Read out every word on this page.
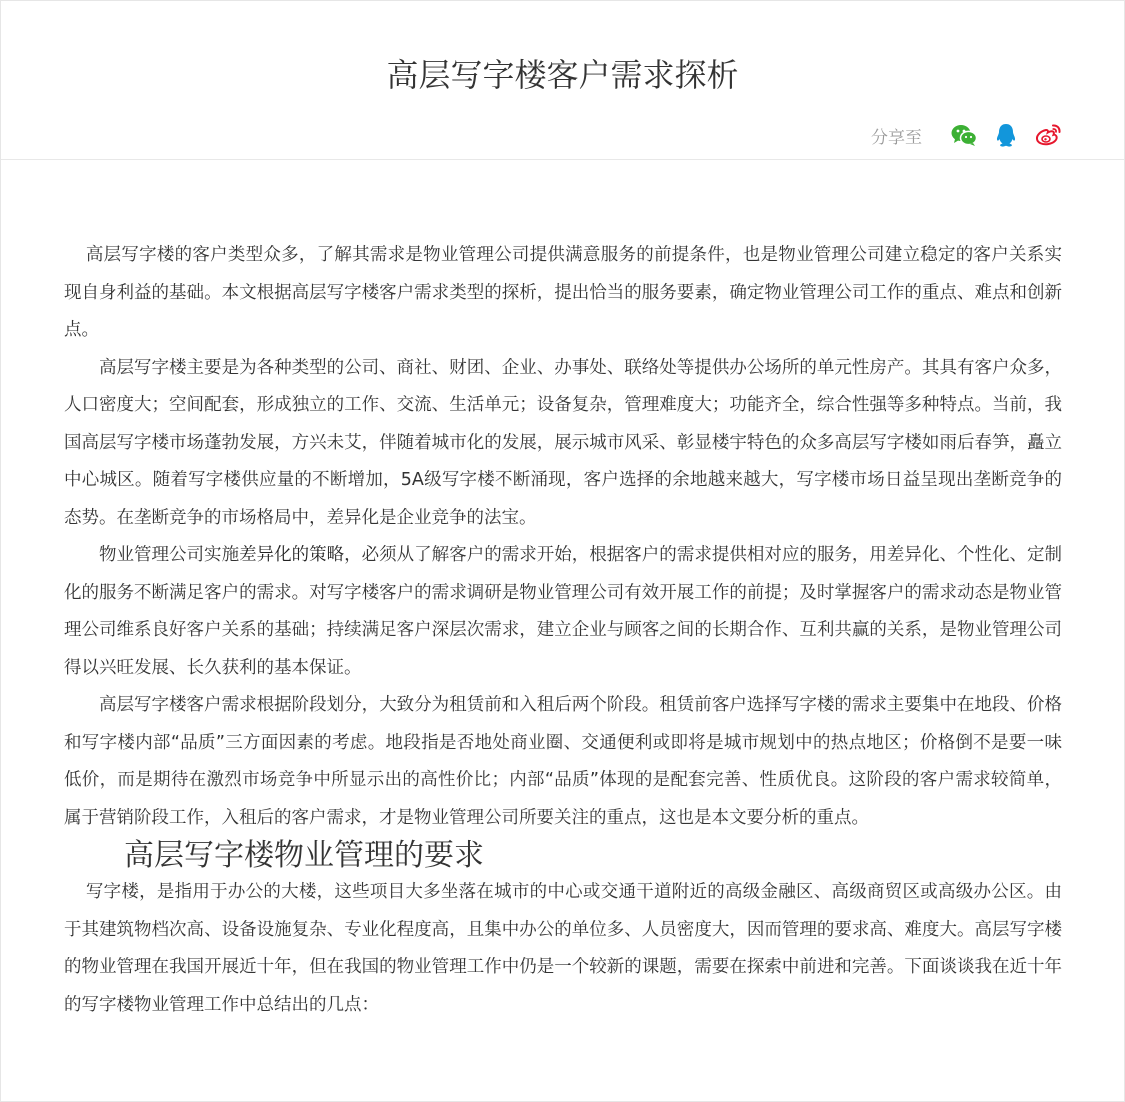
高层写字楼客户需求探析
分享至

高层写字楼的客户类型众多，了解其需求是物业管理公司提供满意服务的前提条件，也是物业管理公司建立稳定的客户关系实现自身利益的基础。本文根据高层写字楼客户需求类型的探析，提出恰当的服务要素，确定物业管理公司工作的重点、难点和创新点。

高层写字楼主要是为各种类型的公司、商社、财团、企业、办事处、联络处等提供办公场所的单元性房产。其具有客户众多，人口密度大；空间配套，形成独立的工作、交流、生活单元；设备复杂，管理难度大；功能齐全，综合性强等多种特点。当前，我国高层写字楼市场蓬勃发展，方兴未艾，伴随着城市化的发展，展示城市风采、彰显楼宇特色的众多高层写字楼如雨后春笋，矗立中心城区。随着写字楼供应量的不断增加，5A级写字楼不断涌现，客户选择的余地越来越大，写字楼市场日益呈现出垄断竞争的态势。在垄断竞争的市场格局中，差异化是企业竞争的法宝。

物业管理公司实施差异化的策略，必须从了解客户的需求开始，根据客户的需求提供相对应的服务，用差异化、个性化、定制化的服务不断满足客户的需求。对写字楼客户的需求调研是物业管理公司有效开展工作的前提；及时掌握客户的需求动态是物业管理公司维系良好客户关系的基础；持续满足客户深层次需求，建立企业与顾客之间的长期合作、互利共赢的关系，是物业管理公司得以兴旺发展、长久获利的基本保证。

高层写字楼客户需求根据阶段划分，大致分为租赁前和入租后两个阶段。租赁前客户选择写字楼的需求主要集中在地段、价格和写字楼内部“品质”三方面因素的考虑。地段指是否地处商业圈、交通便利或即将是城市规划中的热点地区；价格倒不是要一味低价，而是期待在激烈市场竞争中所显示出的高性价比；内部“品质”体现的是配套完善、性质优良。这阶段的客户需求较简单，属于营销阶段工作，入租后的客户需求，才是物业管理公司所要关注的重点，这也是本文要分析的重点。

高层写字楼物业管理的要求

写字楼，是指用于办公的大楼，这些项目大多坐落在城市的中心或交通干道附近的高级金融区、高级商贸区或高级办公区。由于其建筑物档次高、设备设施复杂、专业化程度高，且集中办公的单位多、人员密度大，因而管理的要求高、难度大。高层写字楼的物业管理在我国开展近十年，但在我国的物业管理工作中仍是一个较新的课题，需要在探索中前进和完善。下面谈谈我在近十年的写字楼物业管理工作中总结出的几点：
